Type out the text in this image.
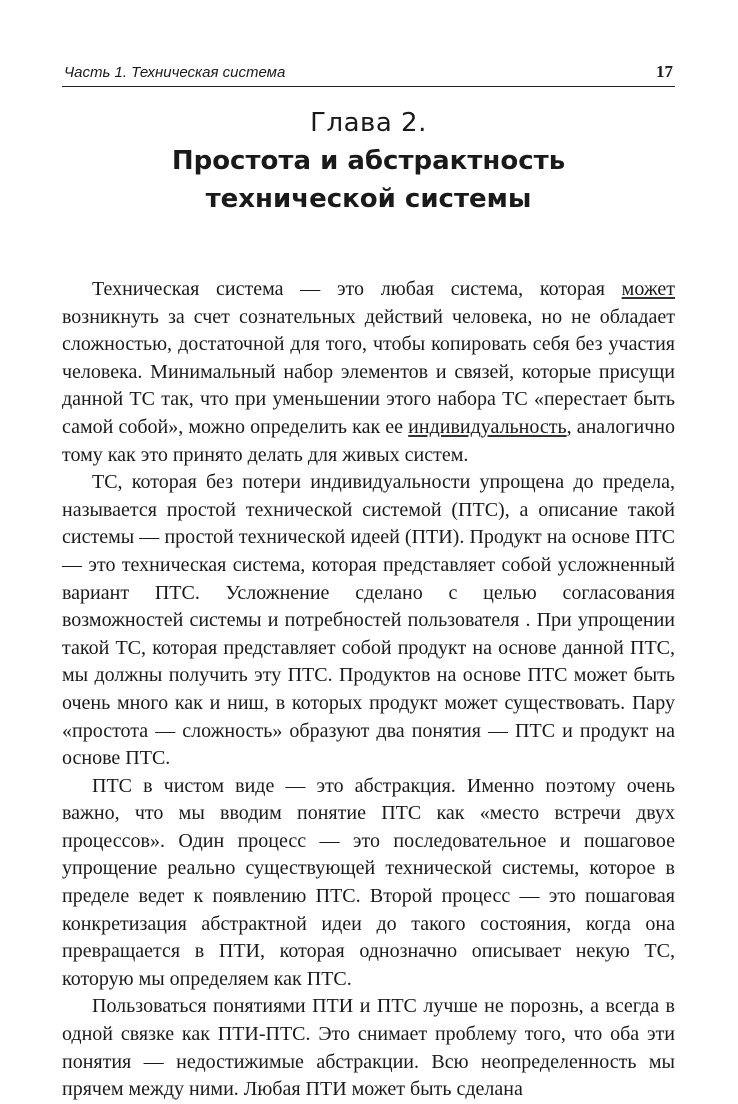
Часть 1. Техническая система	17
Глава 2.
Простота и абстрактность
технической системы

Техническая система — это любая система, которая может возникнуть за счет сознательных действий человека, но не обладает сложностью, достаточной для того, чтобы копировать себя без участия человека. Минимальный набор элементов и связей, которые присущи данной ТС так, что при уменьшении этого набора ТС «перестает быть самой собой», можно определить как ее индивидуальность, аналогично тому как это принято делать для живых систем.

ТС, которая без потери индивидуальности упрощена до предела, называется простой технической системой (ПТС), а описание такой системы — простой технической идеей (ПТИ). Продукт на основе ПТС — это техническая система, которая представляет собой усложненный вариант ПТС. Усложнение сделано с целью согласования возможностей системы и потребностей пользователя . При упрощении такой ТС, которая представляет собой продукт на основе данной ПТС, мы должны получить эту ПТС. Продуктов на основе ПТС может быть очень много как и ниш, в которых продукт может существовать. Пару «простота — сложность» образуют два понятия — ПТС и продукт на основе ПТС.

ПТС в чистом виде — это абстракция. Именно поэтому очень важно, что мы вводим понятие ПТС как «место встречи двух процессов». Один процесс — это последовательное и пошаговое упрощение реально существующей технической системы, которое в пределе ведет к появлению ПТС. Второй процесс — это пошаговая конкретизация абстрактной идеи до такого состояния, когда она превращается в ПТИ, которая однозначно описывает некую ТС, которую мы определяем как ПТС.

Пользоваться понятиями ПТИ и ПТС лучше не порознь, а всегда в одной связке как ПТИ-ПТС. Это снимает проблему того, что оба эти понятия — недостижимые абстракции. Всю неопределенность мы прячем между ними. Любая ПТИ может быть сделана
